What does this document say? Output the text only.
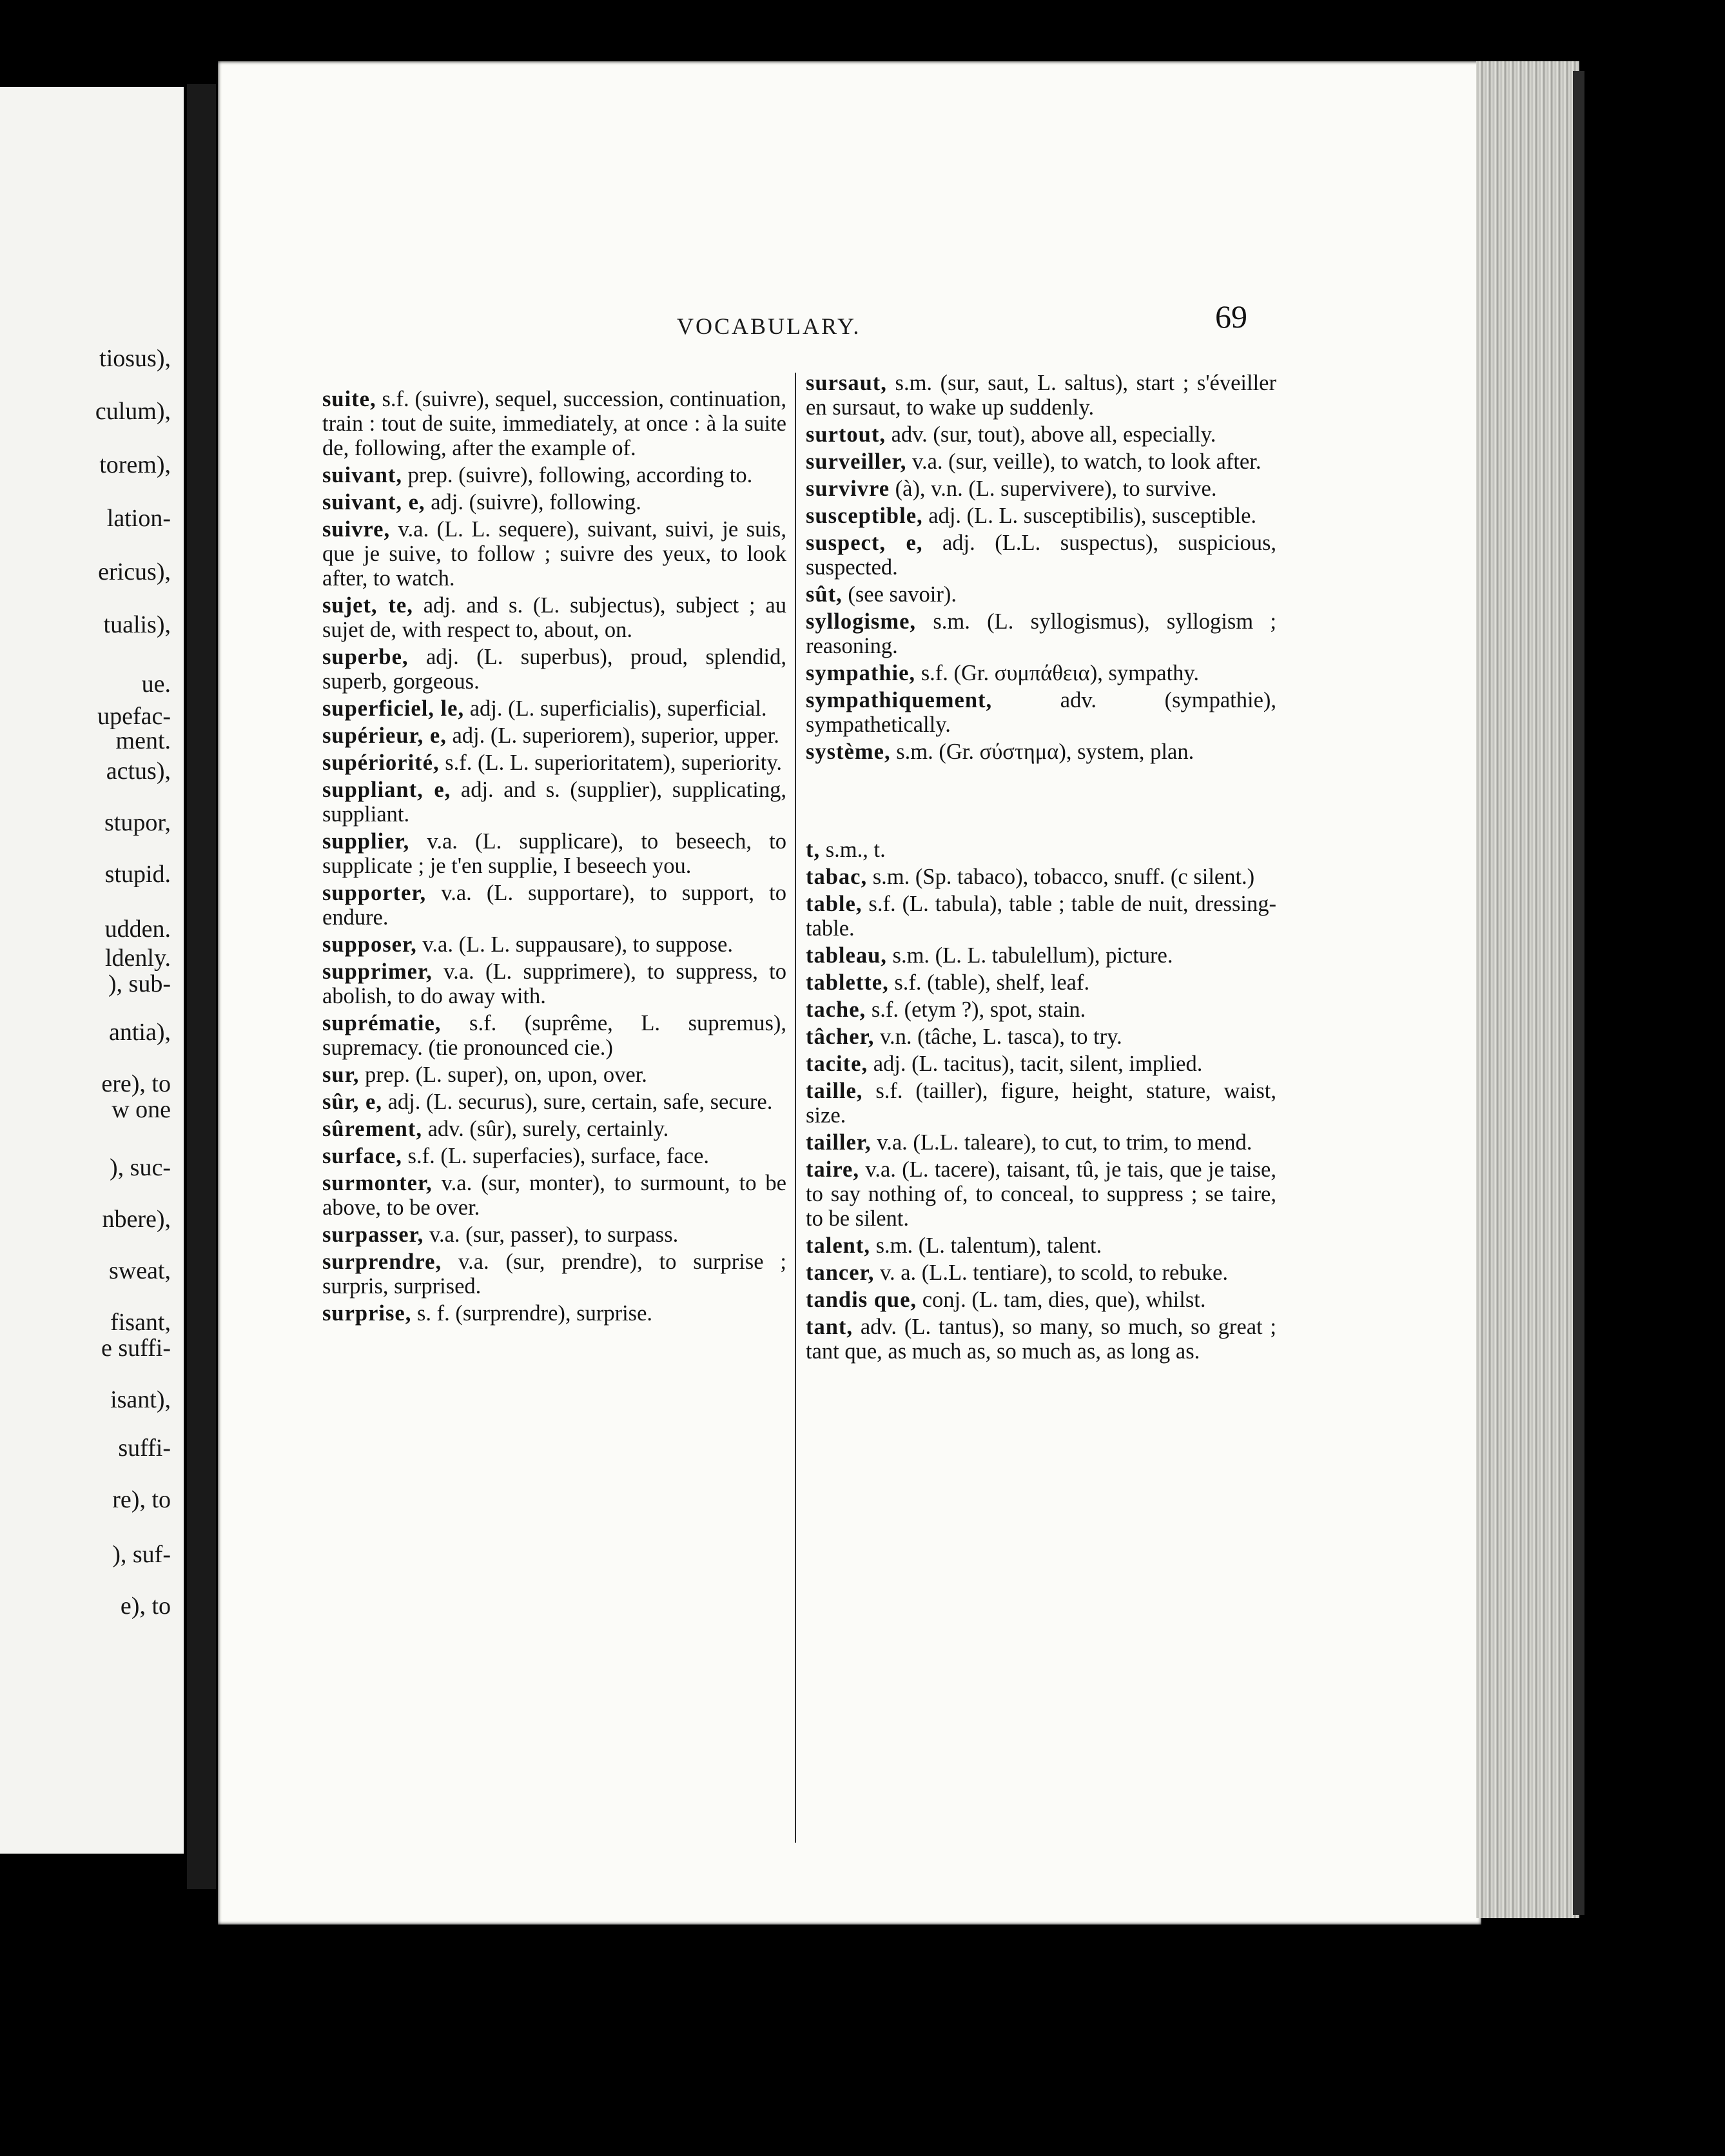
tiosus),
culum),
torem),
lation-
ericus),
tualis),
ue.
upefac-
ment.
actus),
stupor,
stupid.
udden.
ldenly.
), sub-
antia),
ere), to
w one
), suc-
nbere),
sweat,
fisant,
e suffi-
isant),
suffi-
re), to
), suf-
e), to
VOCABULARY.	69
suite, s.f. (suivre), sequel, succession, continuation, train : tout de suite, immediately, at once : à la suite de, following, after the example of.
suivant, prep. (suivre), following, according to.
suivant, e, adj. (suivre), following.
suivre, v.a. (L. L. sequere), suivant, suivi, je suis, que je suive, to follow ; suivre des yeux, to look after, to watch.
sujet, te, adj. and s. (L. subjectus), subject ; au sujet de, with respect to, about, on.
superbe, adj. (L. superbus), proud, splendid, superb, gorgeous.
superficiel, le, adj. (L. superficialis), superficial.
supérieur, e, adj. (L. superiorem), superior, upper.
supériorité, s.f. (L. L. superioritatem), superiority.
suppliant, e, adj. and s. (supplier), supplicating, suppliant.
supplier, v.a. (L. supplicare), to beseech, to supplicate ; je t'en supplie, I beseech you.
supporter, v.a. (L. supportare), to support, to endure.
supposer, v.a. (L. L. suppausare), to suppose.
supprimer, v.a. (L. supprimere), to suppress, to abolish, to do away with.
suprématie, s.f. (suprême, L. supremus), supremacy. (tie pronounced cie.)
sur, prep. (L. super), on, upon, over.
sûr, e, adj. (L. securus), sure, certain, safe, secure.
sûrement, adv. (sûr), surely, certainly.
surface, s.f. (L. superfacies), surface, face.
surmonter, v.a. (sur, monter), to surmount, to be above, to be over.
surpasser, v.a. (sur, passer), to surpass.
surprendre, v.a. (sur, prendre), to surprise ; surpris, surprised.
surprise, s. f. (surprendre), surprise.
sursaut, s.m. (sur, saut, L. saltus), start ; s'éveiller en sursaut, to wake up suddenly.
surtout, adv. (sur, tout), above all, especially.
surveiller, v.a. (sur, veille), to watch, to look after.
survivre (à), v.n. (L. supervivere), to survive.
susceptible, adj. (L. L. susceptibilis), susceptible.
suspect, e, adj. (L.L. suspectus), suspicious, suspected.
sût, (see savoir).
syllogisme, s.m. (L. syllogismus), syllogism ; reasoning.
sympathie, s.f. (Gr. συμπάθεια), sympathy.
sympathiquement, adv. (sympathie), sympathetically.
système, s.m. (Gr. σύστημα), system, plan.
t, s.m., t.
tabac, s.m. (Sp. tabaco), tobacco, snuff. (c silent.)
table, s.f. (L. tabula), table ; table de nuit, dressing-table.
tableau, s.m. (L. L. tabulellum), picture.
tablette, s.f. (table), shelf, leaf.
tache, s.f. (etym ?), spot, stain.
tâcher, v.n. (tâche, L. tasca), to try.
tacite, adj. (L. tacitus), tacit, silent, implied.
taille, s.f. (tailler), figure, height, stature, waist, size.
tailler, v.a. (L.L. taleare), to cut, to trim, to mend.
taire, v.a. (L. tacere), taisant, tû, je tais, que je taise, to say nothing of, to conceal, to suppress ; se taire, to be silent.
talent, s.m. (L. talentum), talent.
tancer, v. a. (L.L. tentiare), to scold, to rebuke.
tandis que, conj. (L. tam, dies, que), whilst.
tant, adv. (L. tantus), so many, so much, so great ; tant que, as much as, so much as, as long as.
